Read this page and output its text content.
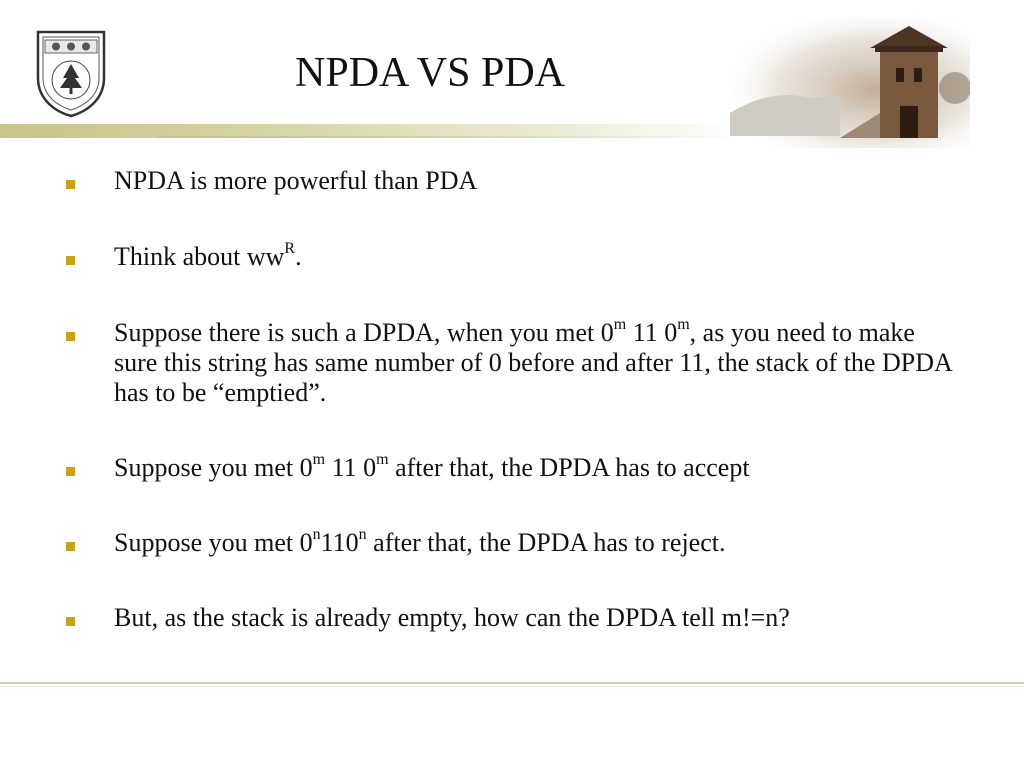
NPDA VS PDA
NPDA is more powerful than PDA
Think about $ww^R$.
Suppose there is such a DPDA, when you met 0$^m$ 11 0$^m$, as you need to make sure this string has same number of 0 before and after 11, the stack of the DPDA has to be “emptied”.
Suppose you met 0$^m$ 11 0$^m$ after that, the DPDA has to accept
Suppose you met 0$^n$110$^n$ after that, the DPDA has to reject.
But, as the stack is already empty, how can the DPDA tell m!=n?
